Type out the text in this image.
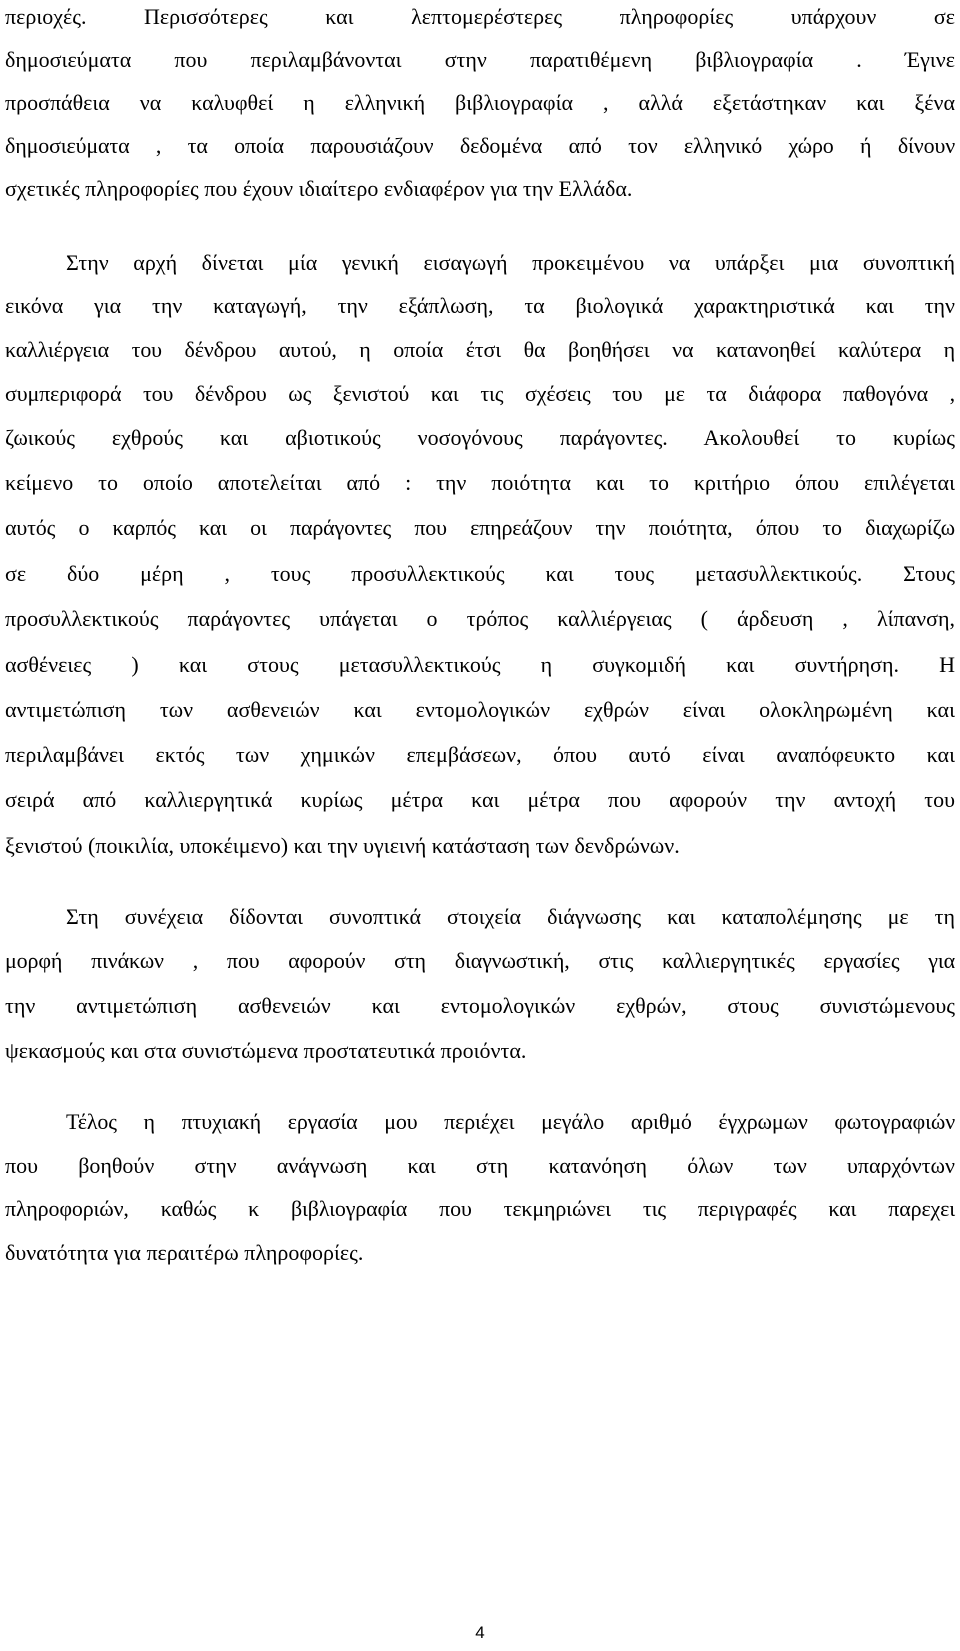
περιοχές. Περισσότερες και λεπτομερέστερες πληροφορίες υπάρχουν σε
δημοσιεύματα που περιλαμβάνονται στην παρατιθέμενη βιβλιογραφία . Έγινε
προσπάθεια να καλυφθεί η ελληνική βιβλιογραφία , αλλά εξετάστηκαν και ξένα
δημοσιεύματα , τα οποία παρουσιάζουν δεδομένα από τον ελληνικό χώρο ή δίνουν
σχετικές πληροφορίες που έχουν ιδιαίτερο ενδιαφέρον για την Ελλάδα.
Στην αρχή δίνεται μία γενική εισαγωγή προκειμένου να υπάρξει μια συνοπτική
εικόνα για την καταγωγή, την εξάπλωση, τα βιολογικά χαρακτηριστικά και την
καλλιέργεια του δένδρου αυτού, η οποία έτσι θα βοηθήσει να κατανοηθεί καλύτερα η
συμπεριφορά του δένδρου ως ξενιστού και τις σχέσεις του με τα διάφορα παθογόνα ,
ζωικούς εχθρούς και αβιοτικούς νοσογόνους παράγοντες. Ακολουθεί το κυρίως
κείμενο το οποίο αποτελείται από : την ποιότητα και το κριτήριο όπου επιλέγεται
αυτός ο καρπός και οι παράγοντες που επηρεάζουν την ποιότητα, όπου το διαχωρίζω
σε δύο μέρη , τους προσυλλεκτικούς και τους μετασυλλεκτικούς. Στους
προσυλλεκτικούς παράγοντες υπάγεται ο τρόπος καλλιέργειας ( άρδευση , λίπανση,
ασθένειες ) και στους μετασυλλεκτικούς η συγκομιδή και συντήρηση. Η
αντιμετώπιση των ασθενειών και εντομολογικών εχθρών είναι ολοκληρωμένη και
περιλαμβάνει εκτός των χημικών επεμβάσεων, όπου αυτό είναι αναπόφευκτο και
σειρά από καλλιεργητικά κυρίως μέτρα και μέτρα που αφορούν την αντοχή του
ξενιστού (ποικιλία, υποκέιμενο) και την υγιεινή κατάσταση των δενδρώνων.
Στη συνέχεια δίδονται συνοπτικά στοιχεία διάγνωσης και καταπολέμησης με τη
μορφή πινάκων , που αφορούν στη διαγνωστική, στις καλλιεργητικές εργασίες για
την αντιμετώπιση ασθενειών και εντομολογικών εχθρών, στους συνιστώμενους
ψεκασμούς και στα συνιστώμενα προστατευτικά προιόντα.
Τέλος η πτυχιακή εργασία μου περιέχει μεγάλο αριθμό έγχρωμων φωτογραφιών
που βοηθούν στην ανάγνωση και στη κατανόηση όλων των υπαρχόντων
πληροφοριών, καθώς κ βιβλιογραφία που τεκμηριώνει τις περιγραφές και παρεχει
δυνατότητα για περαιτέρω πληροφορίες.
4
